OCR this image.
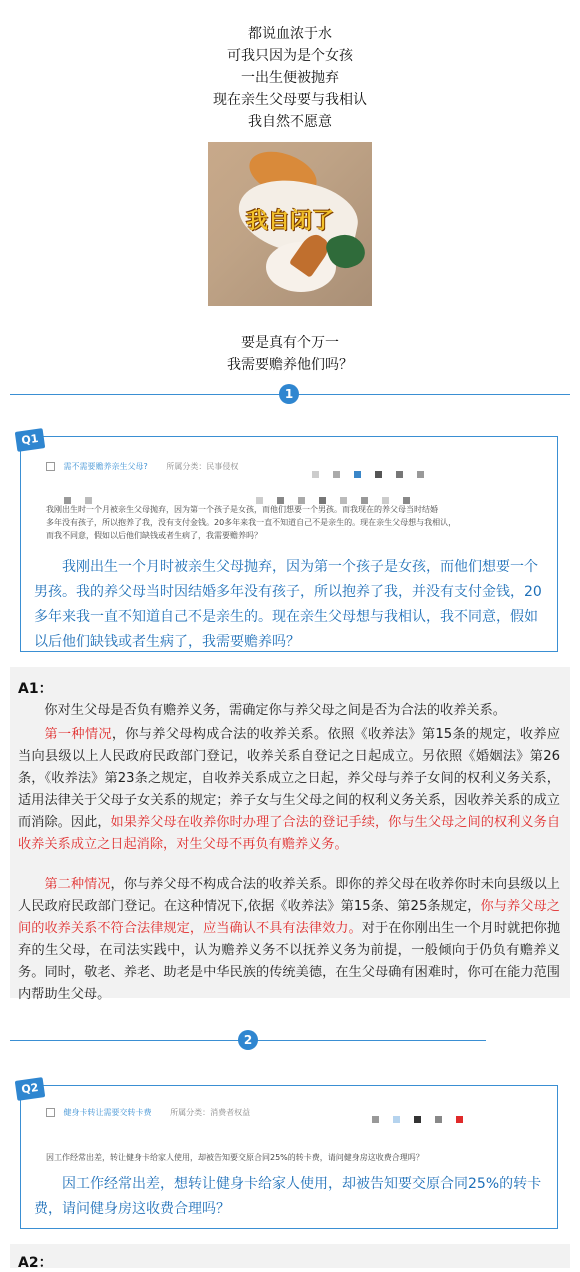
都说血浓于水
可我只因为是个女孩
一出生便被抛弃
现在亲生父母要与我相认
我自然不愿意
我自闭了
要是真有个万一
我需要赡养他们吗？
1
Q1
需不需要赡养亲生父母? 所属分类：民事侵权
我刚出生时一个月被亲生父母抛弃，因为第一个孩子是女孩，而他们想要一个男孩。而我现在的养父母当时结婚
多年没有孩子，所以抱养了我，没有支付金钱。20多年来我一直不知道自己不是亲生的。现在亲生父母想与我相认，
而我不同意，假如以后他们缺钱或者生病了，我需要赡养吗？
我刚出生一个月时被亲生父母抛弃，因为第一个孩子是女孩，而他们想要一个男孩。我的养父母当时因结婚多年没有孩子，所以抱养了我，并没有支付金钱，20多年来我一直不知道自己不是亲生的。现在亲生父母想与我相认，我不同意，假如以后他们缺钱或者生病了，我需要赡养吗？
A1：
你对生父母是否负有赡养义务，需确定你与养父母之间是否为合法的收养关系。
第一种情况，你与养父母构成合法的收养关系。依照《收养法》第15条的规定，收养应当向县级以上人民政府民政部门登记，收养关系自登记之日起成立。另依照《婚姻法》第26条，《收养法》第23条之规定，自收养关系成立之日起，养父母与养子女间的权利义务关系，适用法律关于父母子女关系的规定；养子女与生父母之间的权利义务关系，因收养关系的成立而消除。因此，如果养父母在收养你时办理了合法的登记手续，你与生父母之间的权利义务自收养关系成立之日起消除，对生父母不再负有赡养义务。
第二种情况，你与养父母不构成合法的收养关系。即你的养父母在收养你时未向县级以上人民政府民政部门登记。在这种情况下,依据《收养法》第15条、第25条规定，你与养父母之间的收养关系不符合法律规定，应当确认不具有法律效力。对于在你刚出生一个月时就把你抛弃的生父母，在司法实践中，认为赡养义务不以抚养义务为前提，一般倾向于仍负有赡养义务。同时，敬老、养老、助老是中华民族的传统美德，在生父母确有困难时，你可在能力范围内帮助生父母。
2
Q2
健身卡转让需要交转卡费 所属分类：消费者权益
因工作经常出差，转让健身卡给家人使用，却被告知要交原合同25%的转卡费，请问健身房这收费合理吗？
因工作经常出差，想转让健身卡给家人使用，却被告知要交原合同25%的转卡费，请问健身房这收费合理吗？
A2：
